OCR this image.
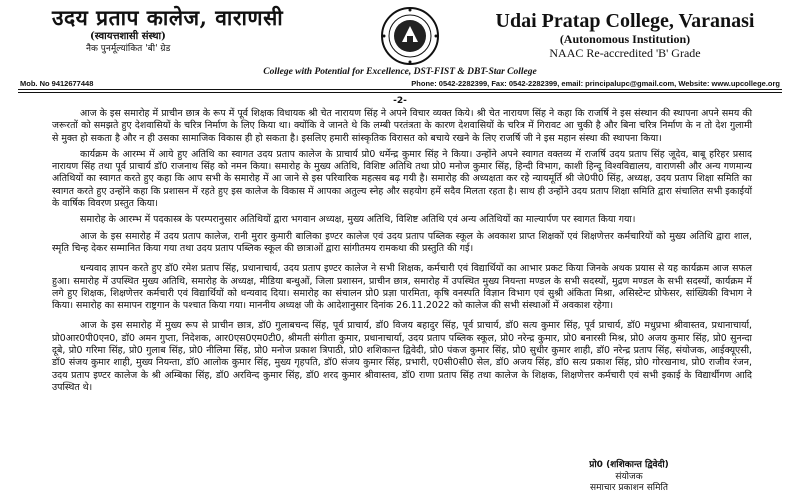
उदय प्रताप कालेज, वाराणसी
(स्वायत्तशासी संस्था)
नैक पुनर्मूल्यांकित 'बी' ग्रेड
Udai Pratap College, Varanasi
(Autonomous Institution)
NAAC Re-accredited 'B' Grade
College with Potential for Excellence, DST-FIST & DBT-Star College
Mob. No 9412677448	Phone: 0542-2282399, Fax: 0542-2282399, email: principalupc@gmail.com, Website: www.upcollege.org
-2-

आज के इस समारोह में प्राचीन छात्र के रूप में पूर्व शिक्षक विधायक श्री चेत नारायण सिंह ने अपने विचार व्यक्त किये। श्री चेत नारायण सिंह ने कहा कि राजर्षि ने इस संस्थान की स्थापना अपने समय की जरूरतों को समझते हुए देशवासियों के चरित्र निर्माण के लिए किया था। क्योंकि वे जानते थे कि लम्बी परतंत्रता के कारण देशवासियों के चरित्र में गिरावट आ चुकी है और बिना चरित्र निर्माण के न तो देश गुलामी से मुक्त हो सकता है और न ही उसका सामाजिक विकास ही हो सकता है। इसलिए हमारी सांस्कृतिक विरासत को बचाये रखने के लिए राजर्षि जी ने इस महान संस्था की स्थापना किया।

कार्यक्रम के आरम्भ में आये हुए अतिथि का स्वागत उदय प्रताप कालेज के प्राचार्य प्रो0 धर्मेन्द्र कुमार सिंह ने किया। उन्होंने अपने स्वागत वक्तव्य में राजर्षि उदय प्रताप सिंह जूदेव, बाबू हरिहर प्रसाद नारायण सिंह तथा पूर्व प्राचार्य डॉ0 राजनाथ सिंह को नमन किया। समारोह के मुख्य अतिथि, विशिष्ट अतिथि तथा प्रो0 मनोज कुमार सिंह, हिन्दी विभाग, काशी हिन्दू विश्वविद्यालय, वाराणसी और अन्य गणमान्य अतिथियों का स्वागत करते हुए कहा कि आप सभी के समारोह में आ जाने से इस परिवारिक महत्सव बढ़ गयी है। समारोह की अध्यक्षता कर रहे न्यायमूर्ति श्री जे0पी0 सिंह, अध्यक्ष, उदय प्रताप शिक्षा समिति का स्वागत करते हुए उन्होंने कहा कि प्रशासन में रहते हुए इस कालेज के विकास में आपका अतुल्य स्नेह और सहयोग हमें सदैव मिलता रहता है। साथ ही उन्होंने उदय प्रताप शिक्षा समिति द्वारा संचालित सभी इकाईयों के वार्षिक विवरण प्रस्तुत किया।

समारोह के आरम्भ में पदकास्त्र के परम्परानुसार अतिथियों द्वारा भगवान अध्यक्ष, मुख्य अतिथि, विशिष्ट अतिथि एवं अन्य अतिथियों का माल्यार्पण पर स्वागत किया गया।

आज के इस समारोह में उदय प्रताप कालेज, रानी मुरार कुमारी बालिका इण्टर कालेज एवं उदय प्रताप पब्लिक स्कूल के अवकाश प्राप्त शिक्षकों एवं शिक्षणेत्तर कर्मचारियों को मुख्य अतिथि द्वारा शाल, स्मृति चिन्ह देकर सम्मानित किया गया तथा उदय प्रताप पब्लिक स्कूल की छात्राओं द्वारा सांगीतमय रामकथा की प्रस्तुति की गई।

धन्यवाद ज्ञापन करते हुए डॉ0 रमेश प्रताप सिंह, प्रधानाचार्य, उदय प्रताप इण्टर कालेज ने सभी शिक्षक, कर्मचारी एवं विद्यार्थियों का आभार प्रकट किया जिनके अथक प्रयास से यह कार्यक्रम आज सफल हुआ। समारोह में उपस्थित मुख्य अतिथि, समारोह के अध्यक्ष, मीडिया बन्धुओं, जिला प्रशासन, प्राचीन छात्र, समारोह में उपस्थित मुख्य नियन्ता मण्डल के सभी सदस्यों, मुद्रण मण्डल के सभी सदस्यों, कार्यक्रम में लगे हुए शिक्षक, शिक्षणेत्तर कर्मचारी एवं विद्यार्थियों को धन्यवाद दिया। समारोह का संचालन प्रो0 प्रज्ञा पारमिता, कृषि वनस्पति विज्ञान विभाग एवं सुश्री अंकिता मिश्रा, असिस्टेन्ट प्रोफेसर, सांख्यिकी विभाग ने किया। समारोह का समापन राष्ट्रगान के पश्चात किया गया। माननीय अध्यक्ष जी के आदेशानुसार दिनांक 26.11.2022 को कालेज की सभी संस्थाओं में अवकाश रहेगा।

आज के इस समारोह में मुख्य रूप से प्राचीन छात्र, डॉ0 गुलाबचन्द सिंह, पूर्व प्राचार्य, डॉ0 विजय बहादुर सिंह, पूर्व प्राचार्य, डॉ0 सत्य कुमार सिंह, पूर्व प्राचार्य, डॉ0 मधुप्रभा श्रीवास्तव, प्रधानाचार्या, प्रो0आर0पी0एन0, डॉ0 अमन गुप्ता, निदेशक, आर0एस0एम0टी0, श्रीमती संगीता कुमार, प्रधानाचार्या, उदय प्रताप पब्लिक स्कूल, प्रो0 नरेन्द्र कुमार, प्रो0 बनारसी मिश्र, प्रो0 अजय कुमार सिंह, प्रो0 सुनन्दा दूबे, प्रो0 गरिमा सिंह, प्रो0 गुलाब सिंह, प्रो0 नीलिमा सिंह, प्रो0 मनोज प्रकाश त्रिपाठी, प्रो0 शशिकान्त द्विवेदी, प्रो0 पंकज कुमार सिंह, प्रो0 सुधीर कुमार शाही, डॉ0 नरेन्द्र प्रताप सिंह, संयोजक, आईक्यूएसी, डॉ0 संजय कुमार शाही, मुख्य नियन्ता, डॉ0 आलोक कुमार सिंह, मुख्य गृहपति, डॉ0 संजय कुमार सिंह, प्रभारी, ए0सी0सी0 सेल, डॉ0 अजय सिंह, डॉ0 सत्य प्रकाश सिंह, प्रो0 गोरखनाथ, प्रो0 राजीव रंजन, उदय प्रताप इण्टर कालेज के श्री अम्बिका सिंह, डॉ0 अरविन्द कुमार सिंह, डॉ0 शरद कुमार श्रीवास्तव, डॉ0 राणा प्रताप सिंह तथा कालेज के शिक्षक, शिक्षणेत्तर कर्मचारी एवं सभी इकाई के विद्यार्थीगण आदि उपस्थित थे।

प्रो0 (शशिकान्त द्विवेदी)
संयोजक
समाचार प्रकाशन समिति
